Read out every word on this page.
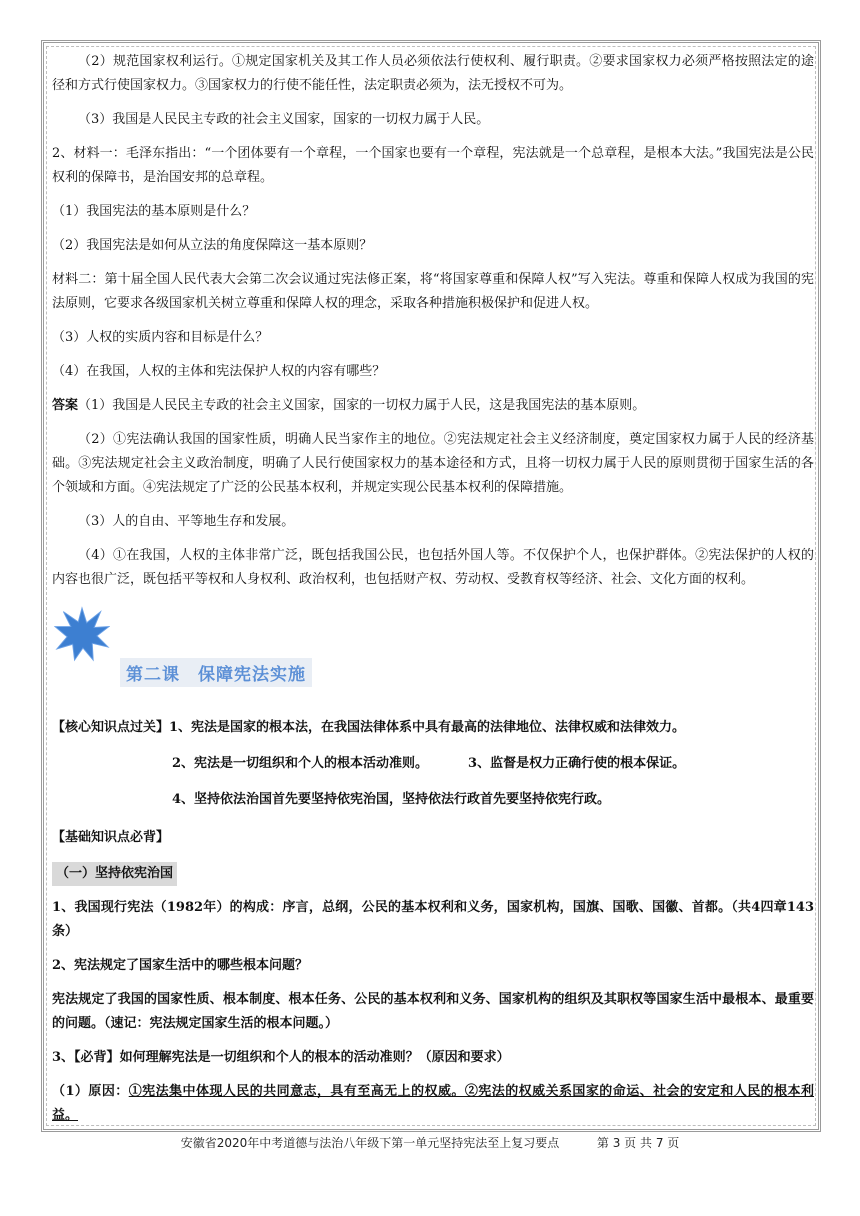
（2）规范国家权利运行。①规定国家机关及其工作人员必须依法行使权利、履行职责。②要求国家权力必须严格按照法定的途径和方式行使国家权力。③国家权力的行使不能任性，法定职责必须为，法无授权不可为。

（3）我国是人民民主专政的社会主义国家，国家的一切权力属于人民。

2、材料一：毛泽东指出：“一个团体要有一个章程，一个国家也要有一个章程，宪法就是一个总章程，是根本大法。”我国宪法是公民权利的保障书，是治国安邦的总章程。

（1）我国宪法的基本原则是什么？

（2）我国宪法是如何从立法的角度保障这一基本原则？

材料二：第十届全国人民代表大会第二次会议通过宪法修正案，将“将国家尊重和保障人权”写入宪法。尊重和保障人权成为我国的宪法原则，它要求各级国家机关树立尊重和保障人权的理念，采取各种措施积极保护和促进人权。

（3）人权的实质内容和目标是什么？

（4）在我国，人权的主体和宪法保护人权的内容有哪些？

答案（1）我国是人民民主专政的社会主义国家，国家的一切权力属于人民，这是我国宪法的基本原则。

（2）①宪法确认我国的国家性质，明确人民当家作主的地位。②宪法规定社会主义经济制度，奠定国家权力属于人民的经济基础。③宪法规定社会主义政治制度，明确了人民行使国家权力的基本途径和方式，且将一切权力属于人民的原则贯彻于国家生活的各个领域和方面。④宪法规定了广泛的公民基本权利，并规定实现公民基本权利的保障措施。

（3）人的自由、平等地生存和发展。

（4）①在我国，人权的主体非常广泛，既包括我国公民，也包括外国人等。不仅保护个人，也保护群体。②宪法保护的人权的内容也很广泛，既包括平等权和人身权利、政治权利，也包括财产权、劳动权、受教育权等经济、社会、文化方面的权利。

第二课　保障宪法实施
【核心知识点过关】1、宪法是国家的根本法，在我国法律体系中具有最高的法律地位、法律权威和法律效力。
2、宪法是一切组织和个人的根本活动准则。	3、监督是权力正确行使的根本保证。
4、坚持依法治国首先要坚持依宪治国，坚持依法行政首先要坚持依宪行政。

【基础知识点必背】

（一）坚持依宪治国

1、我国现行宪法（1982年）的构成：序言，总纲，公民的基本权利和义务，国家机构，国旗、国歌、国徽、首都。（共4四章143条）

2、宪法规定了国家生活中的哪些根本问题？

宪法规定了我国的国家性质、根本制度、根本任务、公民的基本权利和义务、国家机构的组织及其职权等国家生活中最根本、最重要的问题。（速记：宪法规定国家生活的根本问题。）

3、【必背】如何理解宪法是一切组织和个人的根本的活动准则？（原因和要求）

（1）原因：①宪法集中体现人民的共同意志，具有至高无上的权威。②宪法的权威关系国家的命运、社会的安定和人民的根本利益。

安徽省2020年中考道德与法治八年级下第一单元坚持宪法至上复习要点	第 3 页 共 7 页
